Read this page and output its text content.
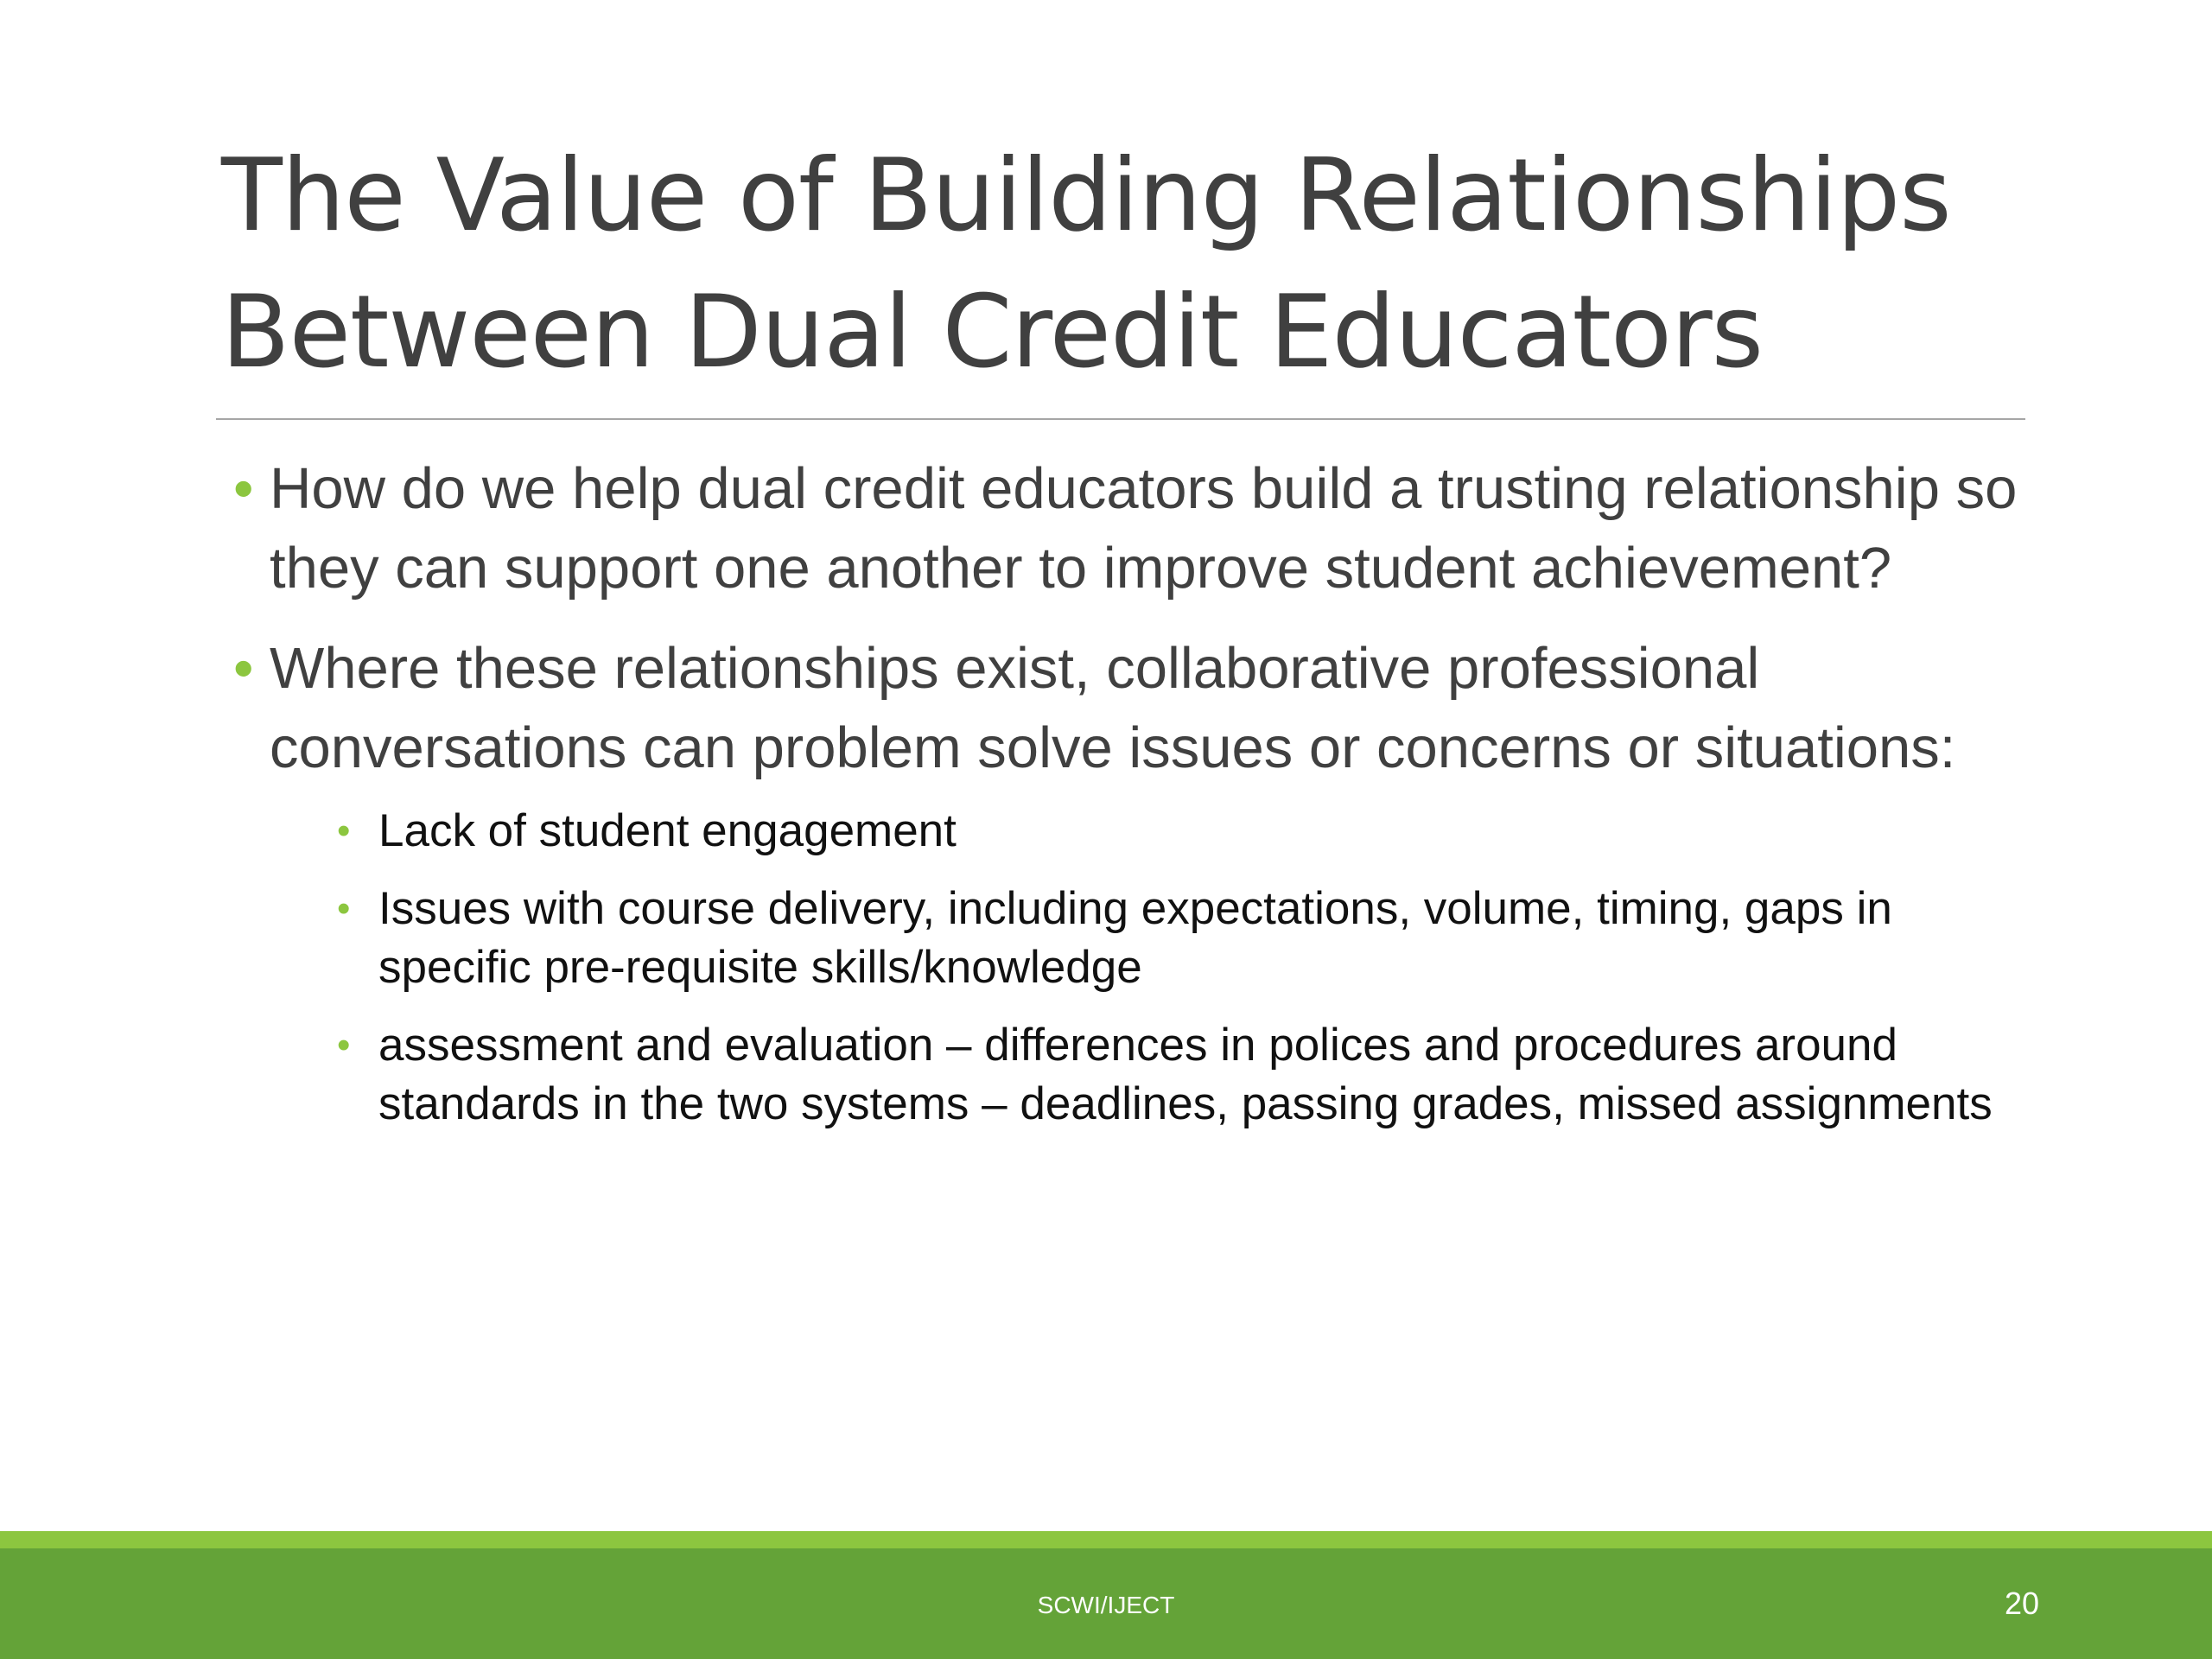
The Value of Building Relationships
Between Dual Credit Educators
• How do we help dual credit educators build a trusting relationship so they can support one another to improve student achievement?
• Where these relationships exist, collaborative professional conversations can problem solve issues or concerns or situations:
• Lack of student engagement
• Issues with course delivery, including expectations, volume, timing, gaps in specific pre-requisite skills/knowledge
• assessment and evaluation – differences in polices and procedures around standards in the two systems – deadlines, passing grades, missed assignments
SCWI/IJECT	20
